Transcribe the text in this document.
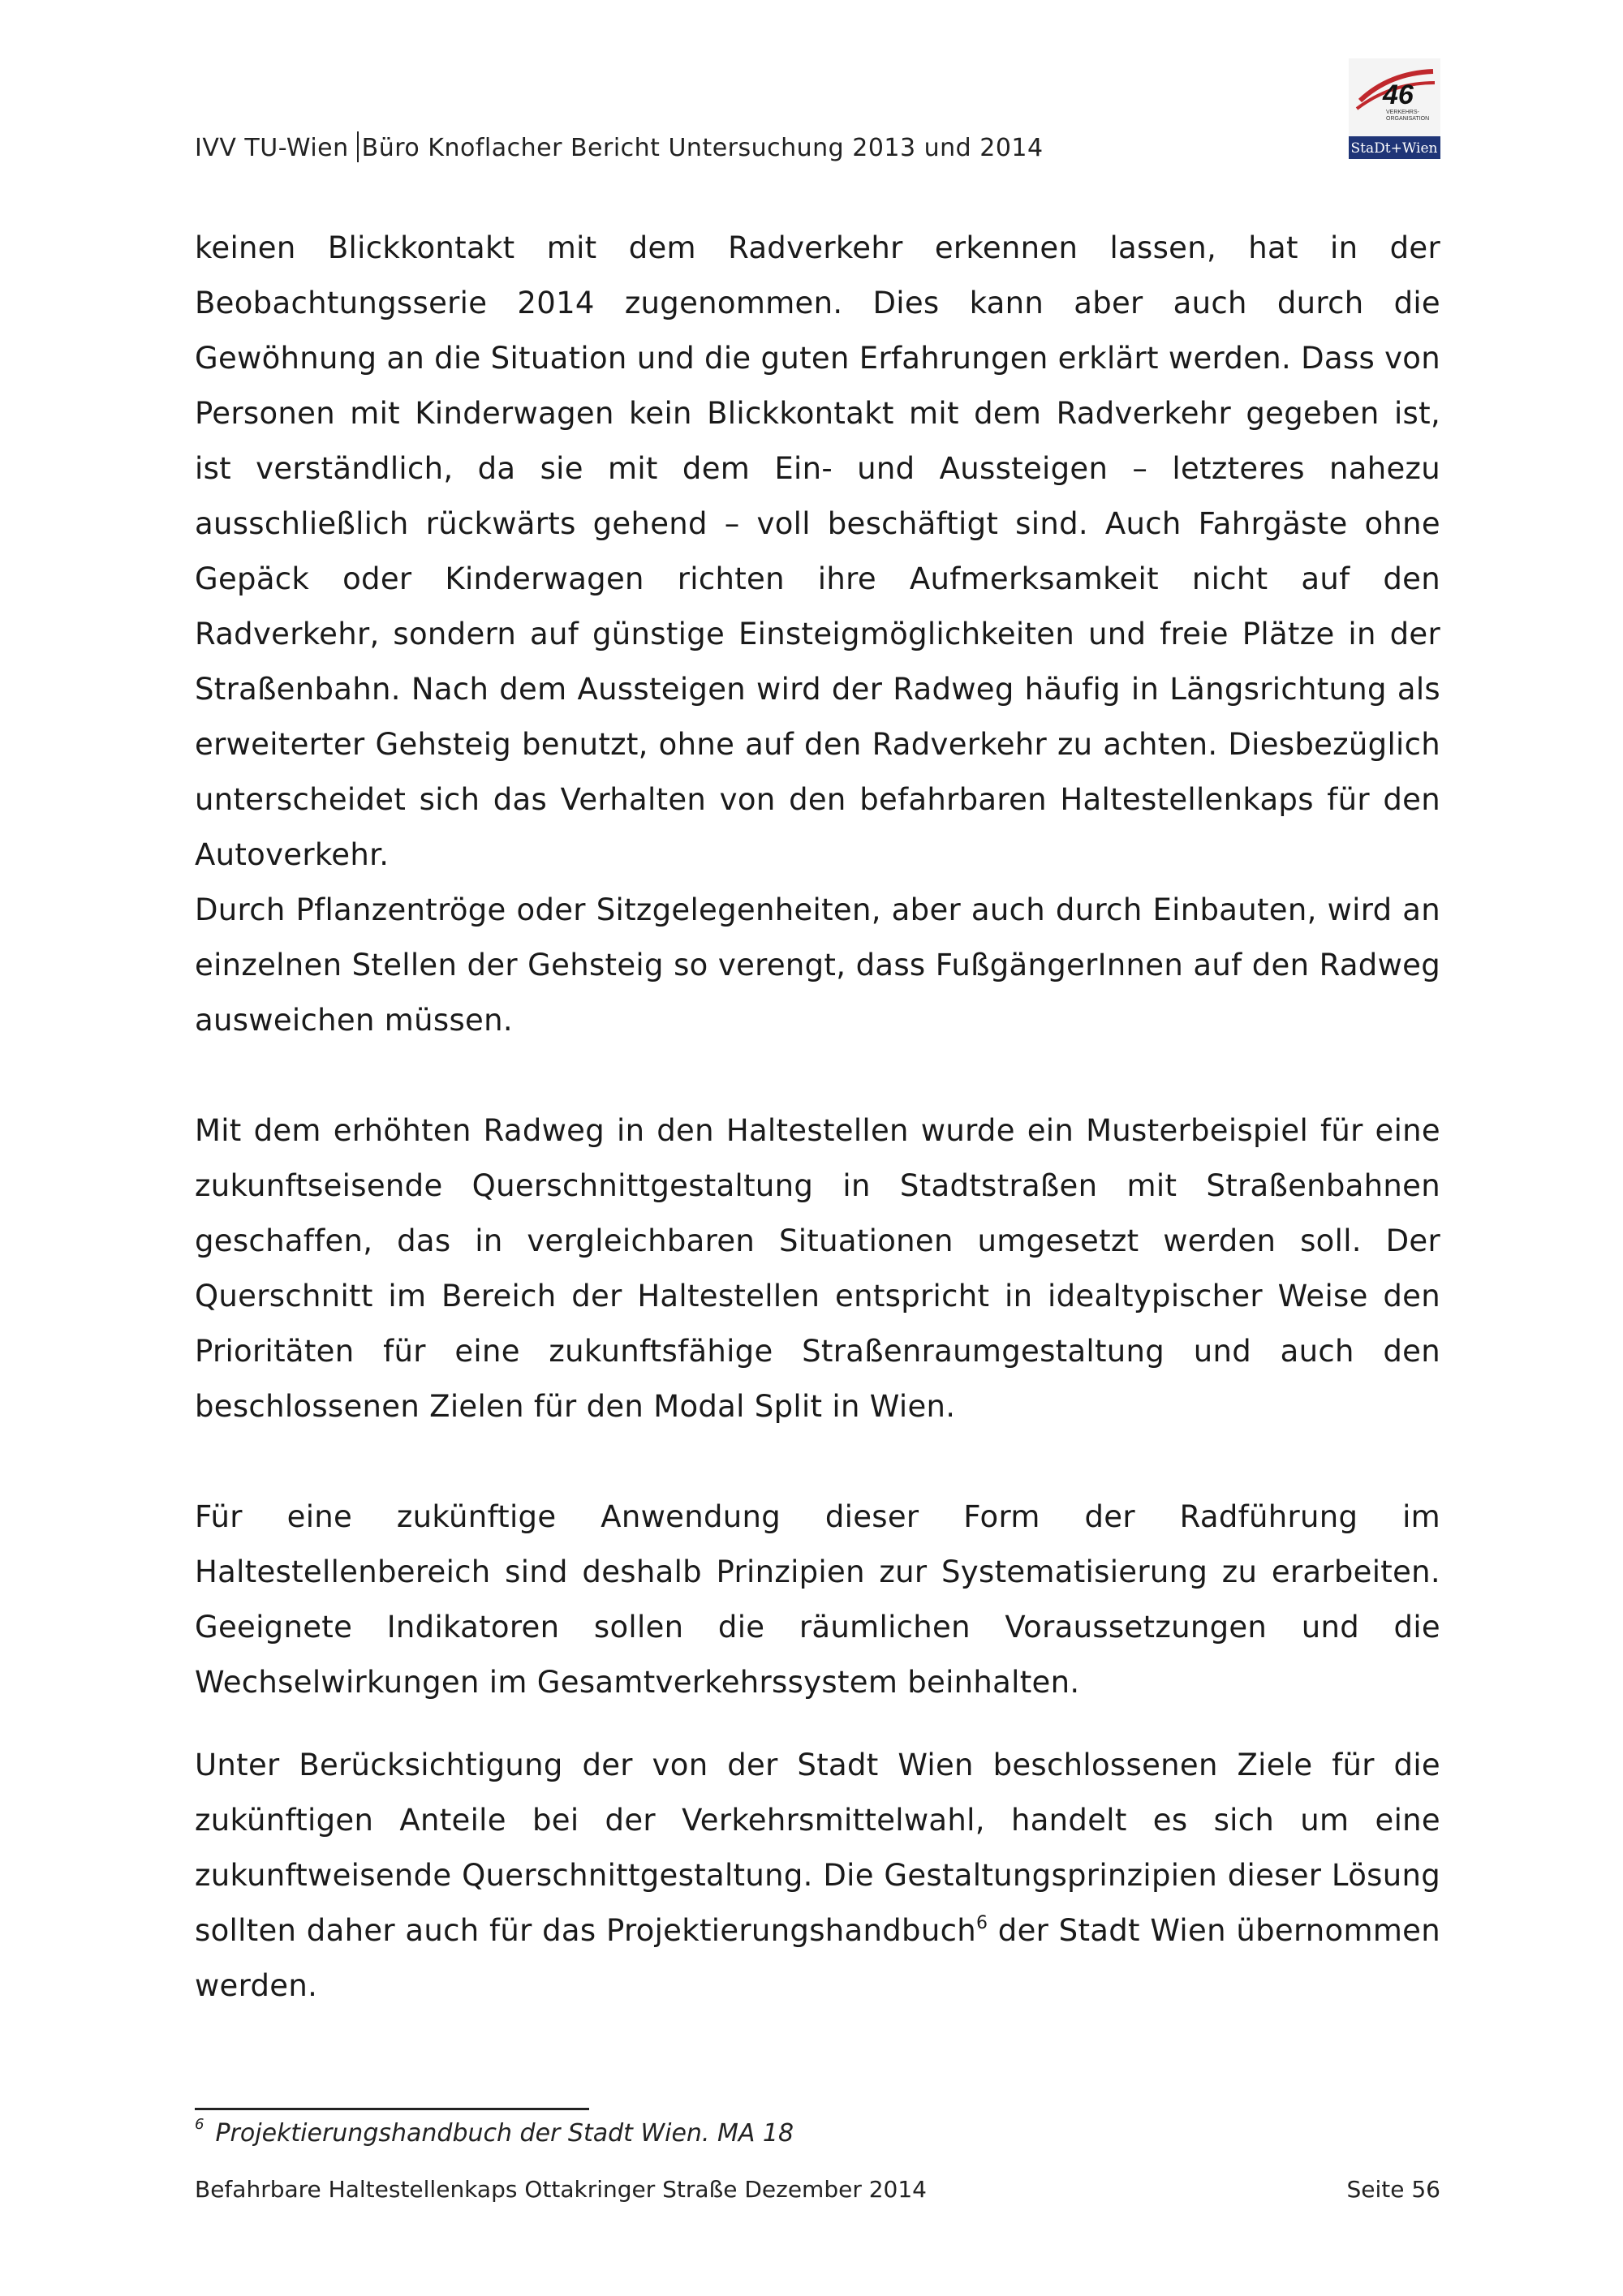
IVV TU-Wien Büro Knoflacher Bericht Untersuchung 2013 und 2014
46
VERKEHRS-
ORGANISATION
StaDt+Wien

keinen Blickkontakt mit dem Radverkehr erkennen lassen, hat in der Beobachtungsserie 2014 zugenommen. Dies kann aber auch durch die Gewöhnung an die Situation und die guten Erfahrungen erklärt werden. Dass von Personen mit Kinderwagen kein Blickkontakt mit dem Radverkehr gegeben ist, ist verständlich, da sie mit dem Ein- und Aussteigen – letzteres nahezu ausschließlich rückwärts gehend – voll beschäftigt sind. Auch Fahrgäste ohne Gepäck oder Kinderwagen richten ihre Aufmerksamkeit nicht auf den Radverkehr, sondern auf günstige Einsteigmöglichkeiten und freie Plätze in der Straßenbahn. Nach dem Aussteigen wird der Radweg häufig in Längsrichtung als erweiterter Gehsteig benutzt, ohne auf den Radverkehr zu achten. Diesbezüglich unterscheidet sich das Verhalten von den befahrbaren Haltestellenkaps für den Autoverkehr.

Durch Pflanzentröge oder Sitzgelegenheiten, aber auch durch Einbauten, wird an einzelnen Stellen der Gehsteig so verengt, dass FußgängerInnen auf den Radweg ausweichen müssen.

Mit dem erhöhten Radweg in den Haltestellen wurde ein Musterbeispiel für eine zukunftseisende Querschnittgestaltung in Stadtstraßen mit Straßenbahnen geschaffen, das in vergleichbaren Situationen umgesetzt werden soll. Der Querschnitt im Bereich der Haltestellen entspricht in idealtypischer Weise den Prioritäten für eine zukunftsfähige Straßenraumgestaltung und auch den beschlossenen Zielen für den Modal Split in Wien.

Für eine zukünftige Anwendung dieser Form der Radführung im Haltestellenbereich sind deshalb Prinzipien zur Systematisierung zu erarbeiten. Geeignete Indikatoren sollen die räumlichen Voraussetzungen und die Wechselwirkungen im Gesamtverkehrssystem beinhalten.

Unter Berücksichtigung der von der Stadt Wien beschlossenen Ziele für die zukünftigen Anteile bei der Verkehrsmittelwahl, handelt es sich um eine zukunftweisende Querschnittgestaltung. Die Gestaltungsprinzipien dieser Lösung sollten daher auch für das Projektierungshandbuch$^6$ der Stadt Wien übernommen werden.

$^6$ Projektierungshandbuch der Stadt Wien. MA 18
Befahrbare Haltestellenkaps Ottakringer Straße Dezember 2014	Seite 56
